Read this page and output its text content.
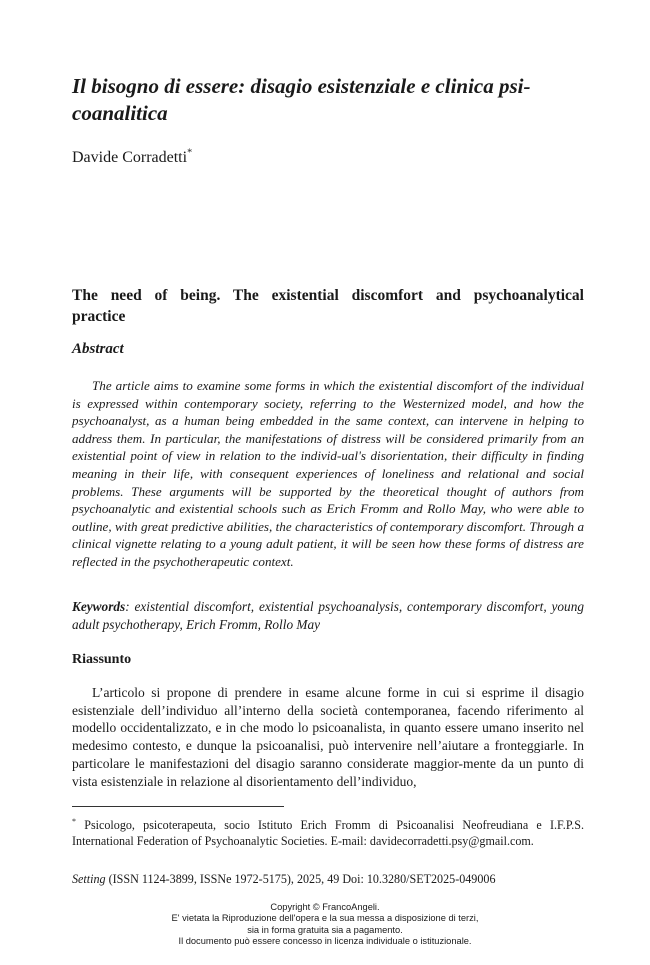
Il bisogno di essere: disagio esistenziale e clinica psi-
coanalitica

Davide Corradetti*

The need of being. The existential discomfort and psychoanalytical
practice
Abstract

The article aims to examine some forms in which the existential discomfort of the individual is expressed within contemporary society, referring to the Westernized model, and how the psychoanalyst, as a human being embedded in the same context, can intervene in helping to address them. In particular, the manifestations of distress will be considered primarily from an existential point of view in relation to the individ-ual's disorientation, their difficulty in finding meaning in their life, with consequent experiences of loneliness and relational and social problems. These arguments will be supported by the theoretical thought of authors from psychoanalytic and existential schools such as Erich Fromm and Rollo May, who were able to outline, with great predictive abilities, the characteristics of contemporary discomfort. Through a clinical vignette relating to a young adult patient, it will be seen how these forms of distress are reflected in the psychotherapeutic context.

Keywords: existential discomfort, existential psychoanalysis, contemporary discomfort, young adult psychotherapy, Erich Fromm, Rollo May

Riassunto

L’articolo si propone di prendere in esame alcune forme in cui si esprime il disagio esistenziale dell’individuo all’interno della società contemporanea, facendo riferimento al modello occidentalizzato, e in che modo lo psicoanalista, in quanto essere umano inserito nel medesimo contesto, e dunque la psicoanalisi, può intervenire nell’aiutare a fronteggiarle. In particolare le manifestazioni del disagio saranno considerate maggior-mente da un punto di vista esistenziale in relazione al disorientamento dell’individuo,

* Psicologo, psicoterapeuta, socio Istituto Erich Fromm di Psicoanalisi Neofreudiana e I.F.P.S. International Federation of Psychoanalytic Societies. E-mail: davidecorradetti.psy@gmail.com.

Setting (ISSN 1124-3899, ISSNe 1972-5175), 2025, 49 Doi: 10.3280/SET2025-049006

Copyright © FrancoAngeli.
E' vietata la Riproduzione dell'opera e la sua messa a disposizione di terzi,
sia in forma gratuita sia a pagamento.
Il documento può essere concesso in licenza individuale o istituzionale.
